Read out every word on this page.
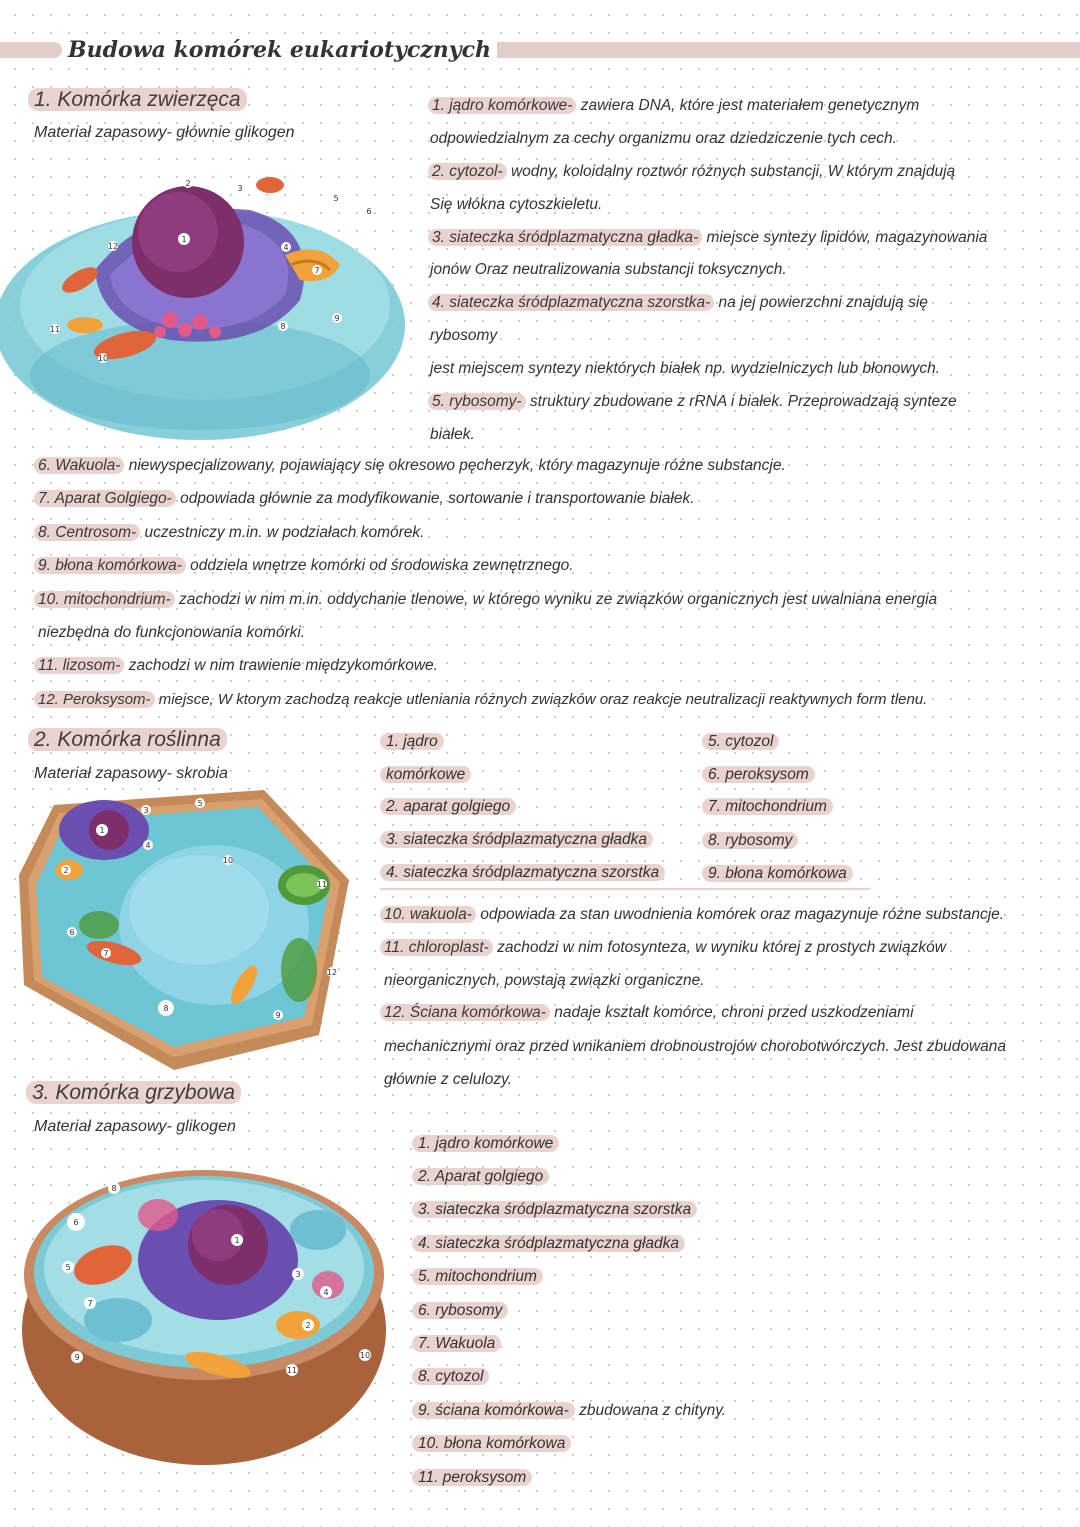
Budowa komórek eukariotycznych
1. Komórka zwierzęca
Materiał zapasowy- głównie glikogen
1
2
3
4
5
6
7
8
9
10
11
12
1. jądro komórkowe- zawiera DNA, które jest materiałem genetycznym
odpowiedzialnym za cechy organizmu oraz dziedziczenie tych cech.
2. cytozol- wodny, koloidalny roztwór różnych substancji, W którym znajdują
Się włókna cytoszkieletu.
3. siateczka śródplazmatyczna gładka- miejsce syntezy lipidów, magazynowania
jonów Oraz neutralizowania substancji toksycznych.
4. siateczka śródplazmatyczna szorstka- na jej powierzchni znajdują się
rybosomy
jest miejscem syntezy niektórych białek np. wydzielniczych lub błonowych.
5. rybosomy- struktury zbudowane z rRNA i białek. Przeprowadzają synteze
białek.
6. Wakuola- niewyspecjalizowany, pojawiający się okresowo pęcherzyk, który magazynuje różne substancje.
7. Aparat Golgiego- odpowiada głównie za modyfikowanie, sortowanie i transportowanie białek.
8. Centrosom- uczestniczy m.in. w podziałach komórek.
9. błona komórkowa- oddziela wnętrze komórki od środowiska zewnętrznego.
10. mitochondrium- zachodzi w nim m.in. oddychanie tlenowe, w którego wyniku ze związków organicznych jest uwalniana energia
niezbędna do funkcjonowania komórki.
11. lizosom- zachodzi w nim trawienie międzykomórkowe.
12. Peroksysom- miejsce, W ktorym zachodzą reakcje utleniania różnych związków oraz reakcje neutralizacji reaktywnych form tlenu.
2. Komórka roślinna
Materiał zapasowy- skrobia
1
2
3
4
5
6
7
8
9
10
11
12
1. jądro
komórkowe
2. aparat golgiego
3. siateczka śródplazmatyczna gładka
4. siateczka śródplazmatyczna szorstka
5. cytozol
6. peroksysom
7. mitochondrium
8. rybosomy
9. błona komórkowa
10. wakuola- odpowiada za stan uwodnienia komórek oraz magazynuje różne substancje.
11. chloroplast- zachodzi w nim fotosynteza, w wyniku której z prostych związków
nieorganicznych, powstają związki organiczne.
12. Ściana komórkowa- nadaje kształt komórce, chroni przed uszkodzeniami
mechanicznymi oraz przed wnikaniem drobnoustrojów chorobotwórczych. Jest zbudowana
głównie z celulozy.
3. Komórka grzybowa
Materiał zapasowy- glikogen
1
2
3
4
5
6
7
8
9	10
11
1. jądro komórkowe
2. Aparat golgiego
3. siateczka śródplazmatyczna szorstka
4. siateczka śródplazmatyczna gładka
5. mitochondrium
6. rybosomy
7. Wakuola
8. cytozol
9. ściana komórkowa- zbudowana z chityny.
10. błona komórkowa
11. peroksysom
